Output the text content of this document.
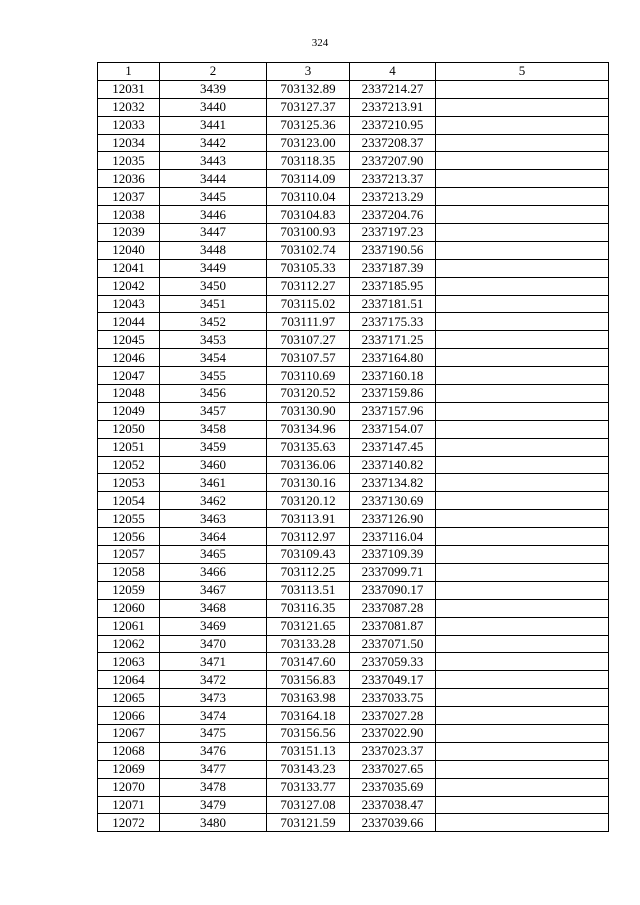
324
1	2	3	4	5
12031	3439	703132.89	2337214.27	
12032	3440	703127.37	2337213.91	
12033	3441	703125.36	2337210.95	
12034	3442	703123.00	2337208.37	
12035	3443	703118.35	2337207.90	
12036	3444	703114.09	2337213.37	
12037	3445	703110.04	2337213.29	
12038	3446	703104.83	2337204.76	
12039	3447	703100.93	2337197.23	
12040	3448	703102.74	2337190.56	
12041	3449	703105.33	2337187.39	
12042	3450	703112.27	2337185.95	
12043	3451	703115.02	2337181.51	
12044	3452	703111.97	2337175.33	
12045	3453	703107.27	2337171.25	
12046	3454	703107.57	2337164.80	
12047	3455	703110.69	2337160.18	
12048	3456	703120.52	2337159.86	
12049	3457	703130.90	2337157.96	
12050	3458	703134.96	2337154.07	
12051	3459	703135.63	2337147.45	
12052	3460	703136.06	2337140.82	
12053	3461	703130.16	2337134.82	
12054	3462	703120.12	2337130.69	
12055	3463	703113.91	2337126.90	
12056	3464	703112.97	2337116.04	
12057	3465	703109.43	2337109.39	
12058	3466	703112.25	2337099.71	
12059	3467	703113.51	2337090.17	
12060	3468	703116.35	2337087.28	
12061	3469	703121.65	2337081.87	
12062	3470	703133.28	2337071.50	
12063	3471	703147.60	2337059.33	
12064	3472	703156.83	2337049.17	
12065	3473	703163.98	2337033.75	
12066	3474	703164.18	2337027.28	
12067	3475	703156.56	2337022.90	
12068	3476	703151.13	2337023.37	
12069	3477	703143.23	2337027.65	
12070	3478	703133.77	2337035.69	
12071	3479	703127.08	2337038.47	
12072	3480	703121.59	2337039.66	
